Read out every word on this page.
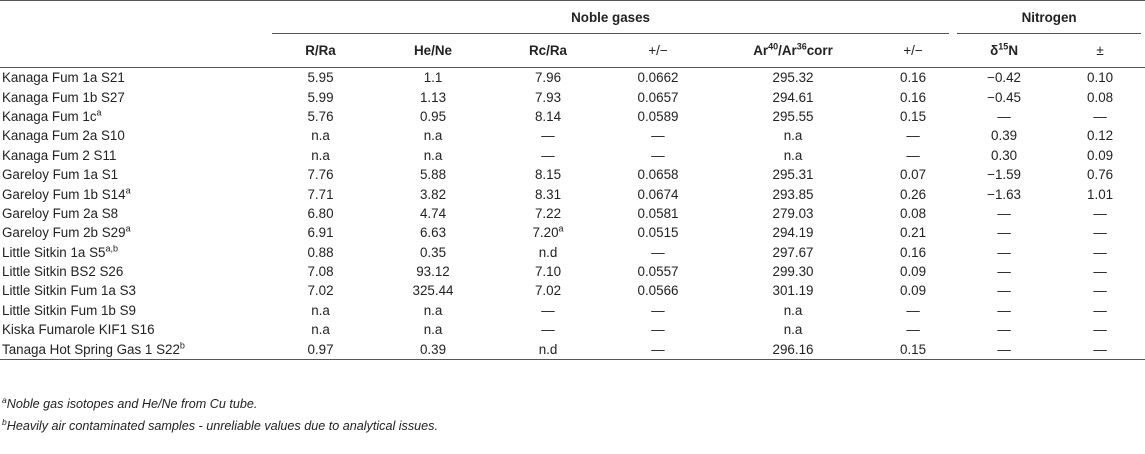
	Noble gases						Nitrogen	

	R/Ra	He/Ne	Rc/Ra	+/−	$Ar^{40}/Ar^{36}corr$	+/−	$\delta^{15}N$	±
Kanaga Fum 1a S21	5.95	1.1	7.96	0.0662	295.32	0.16	−0.42	0.10
Kanaga Fum 1b S27	5.99	1.13	7.93	0.0657	294.61	0.16	−0.45	0.08
Kanaga Fum $1c^a$	5.76	0.95	8.14	0.0589	295.55	0.15	—	—
Kanaga Fum 2a S10	n.a	n.a	—	—	n.a	—	0.39	0.12
Kanaga Fum 2 S11	n.a	n.a	—	—	n.a	—	0.30	0.09
Gareloy Fum 1a S1	7.76	5.88	8.15	0.0658	295.31	0.07	−1.59	0.76
Gareloy Fum 1b S14$^a$	7.71	3.82	8.31	0.0674	293.85	0.26	−1.63	1.01
Gareloy Fum 2a S8	6.80	4.74	7.22	0.0581	279.03	0.08	—	—
Gareloy Fum 2b S29$^a$	6.91	6.63	7.20$^a$	0.0515	294.19	0.21	—	—
Little Sitkin 1a S5$^{a,b}$	0.88	0.35	n.d	—	297.67	0.16	—	—
Little Sitkin BS2 S26	7.08	93.12	7.10	0.0557	299.30	0.09	—	—
Little Sitkin Fum 1a S3	7.02	325.44	7.02	0.0566	301.19	0.09	—	—
Little Sitkin Fum 1b S9	n.a	n.a	—	—	n.a	—	—	—
Kiska Fumarole KIF1 S16	n.a	n.a	—	—	n.a	—	—	—
Tanaga Hot Spring Gas 1 S22$^b$	0.97	0.39	n.d	—	296.16	0.15	—	—
$^a$Noble gas isotopes and He/Ne from Cu tube.
$^b$Heavily air contaminated samples - unreliable values due to analytical issues.
